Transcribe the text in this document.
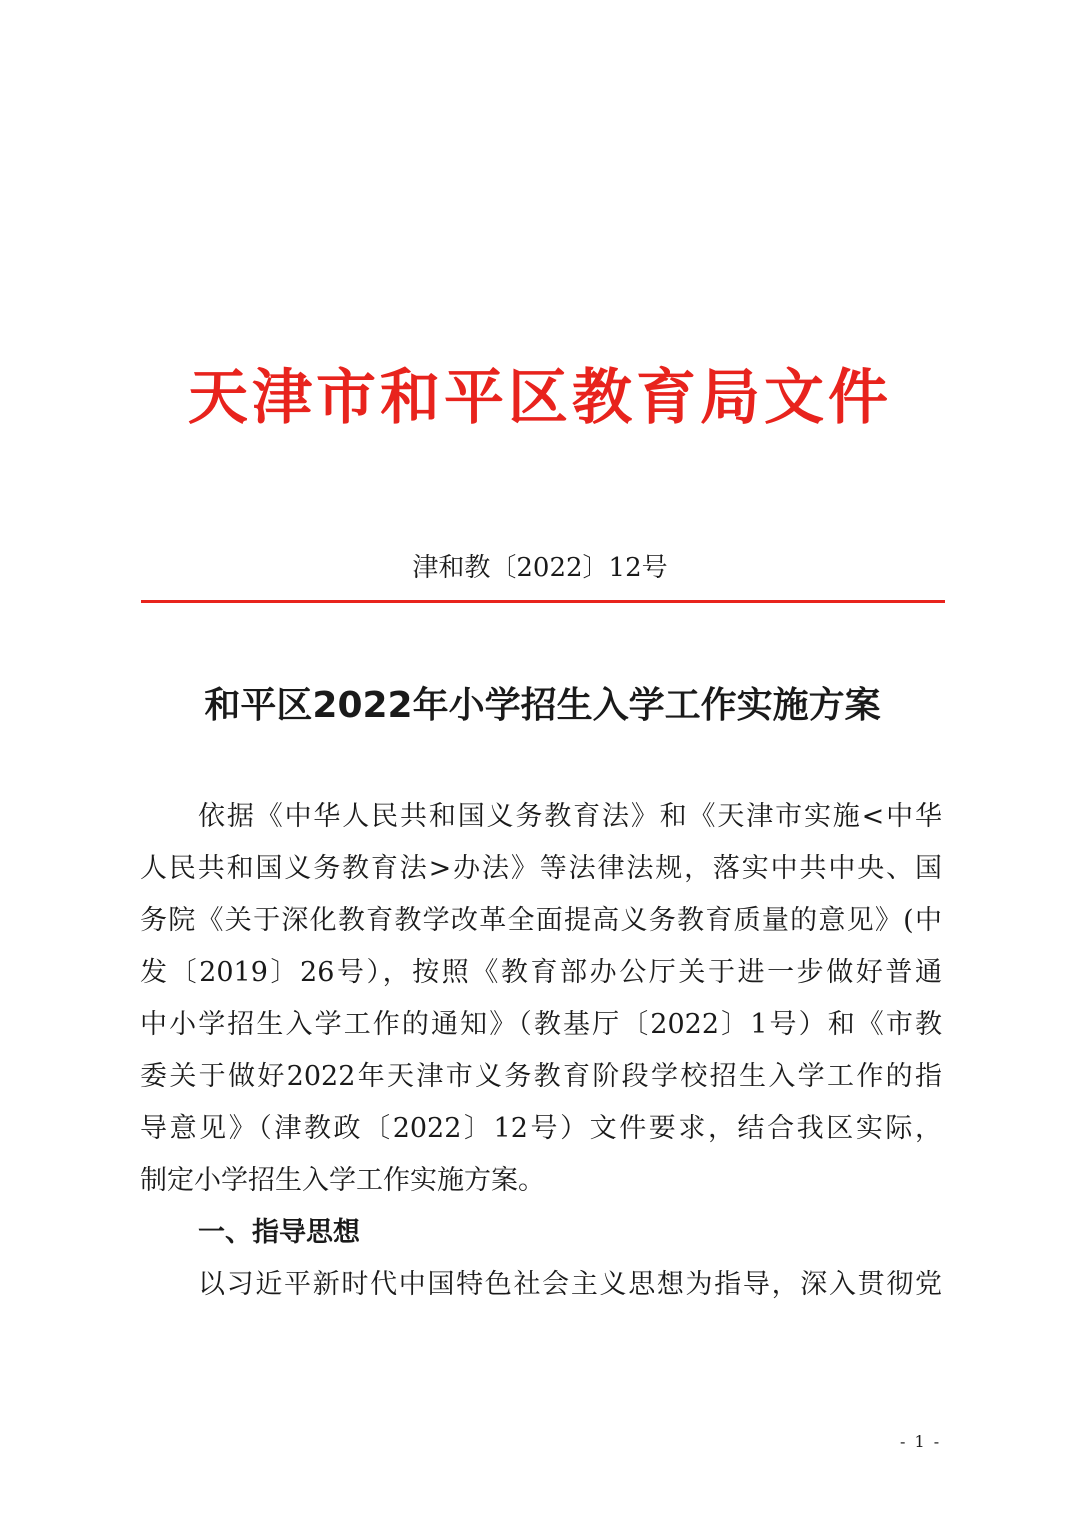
天津市和平区教育局文件
津和教〔2022〕12号
和平区2022年小学招生入学工作实施方案
依据《中华人民共和国义务教育法》和《天津市实施<中华
人民共和国义务教育法>办法》等法律法规，落实中共中央、国
务院《关于深化教育教学改革全面提高义务教育质量的意见》(中
发〔2019〕26号），按照《教育部办公厅关于进一步做好普通
中小学招生入学工作的通知》（教基厅〔2022〕1号）和《市教
委关于做好2022年天津市义务教育阶段学校招生入学工作的指
导意见》（津教政〔2022〕12号）文件要求，结合我区实际，
制定小学招生入学工作实施方案。
一、指导思想
以习近平新时代中国特色社会主义思想为指导，深入贯彻党
- 1 -
